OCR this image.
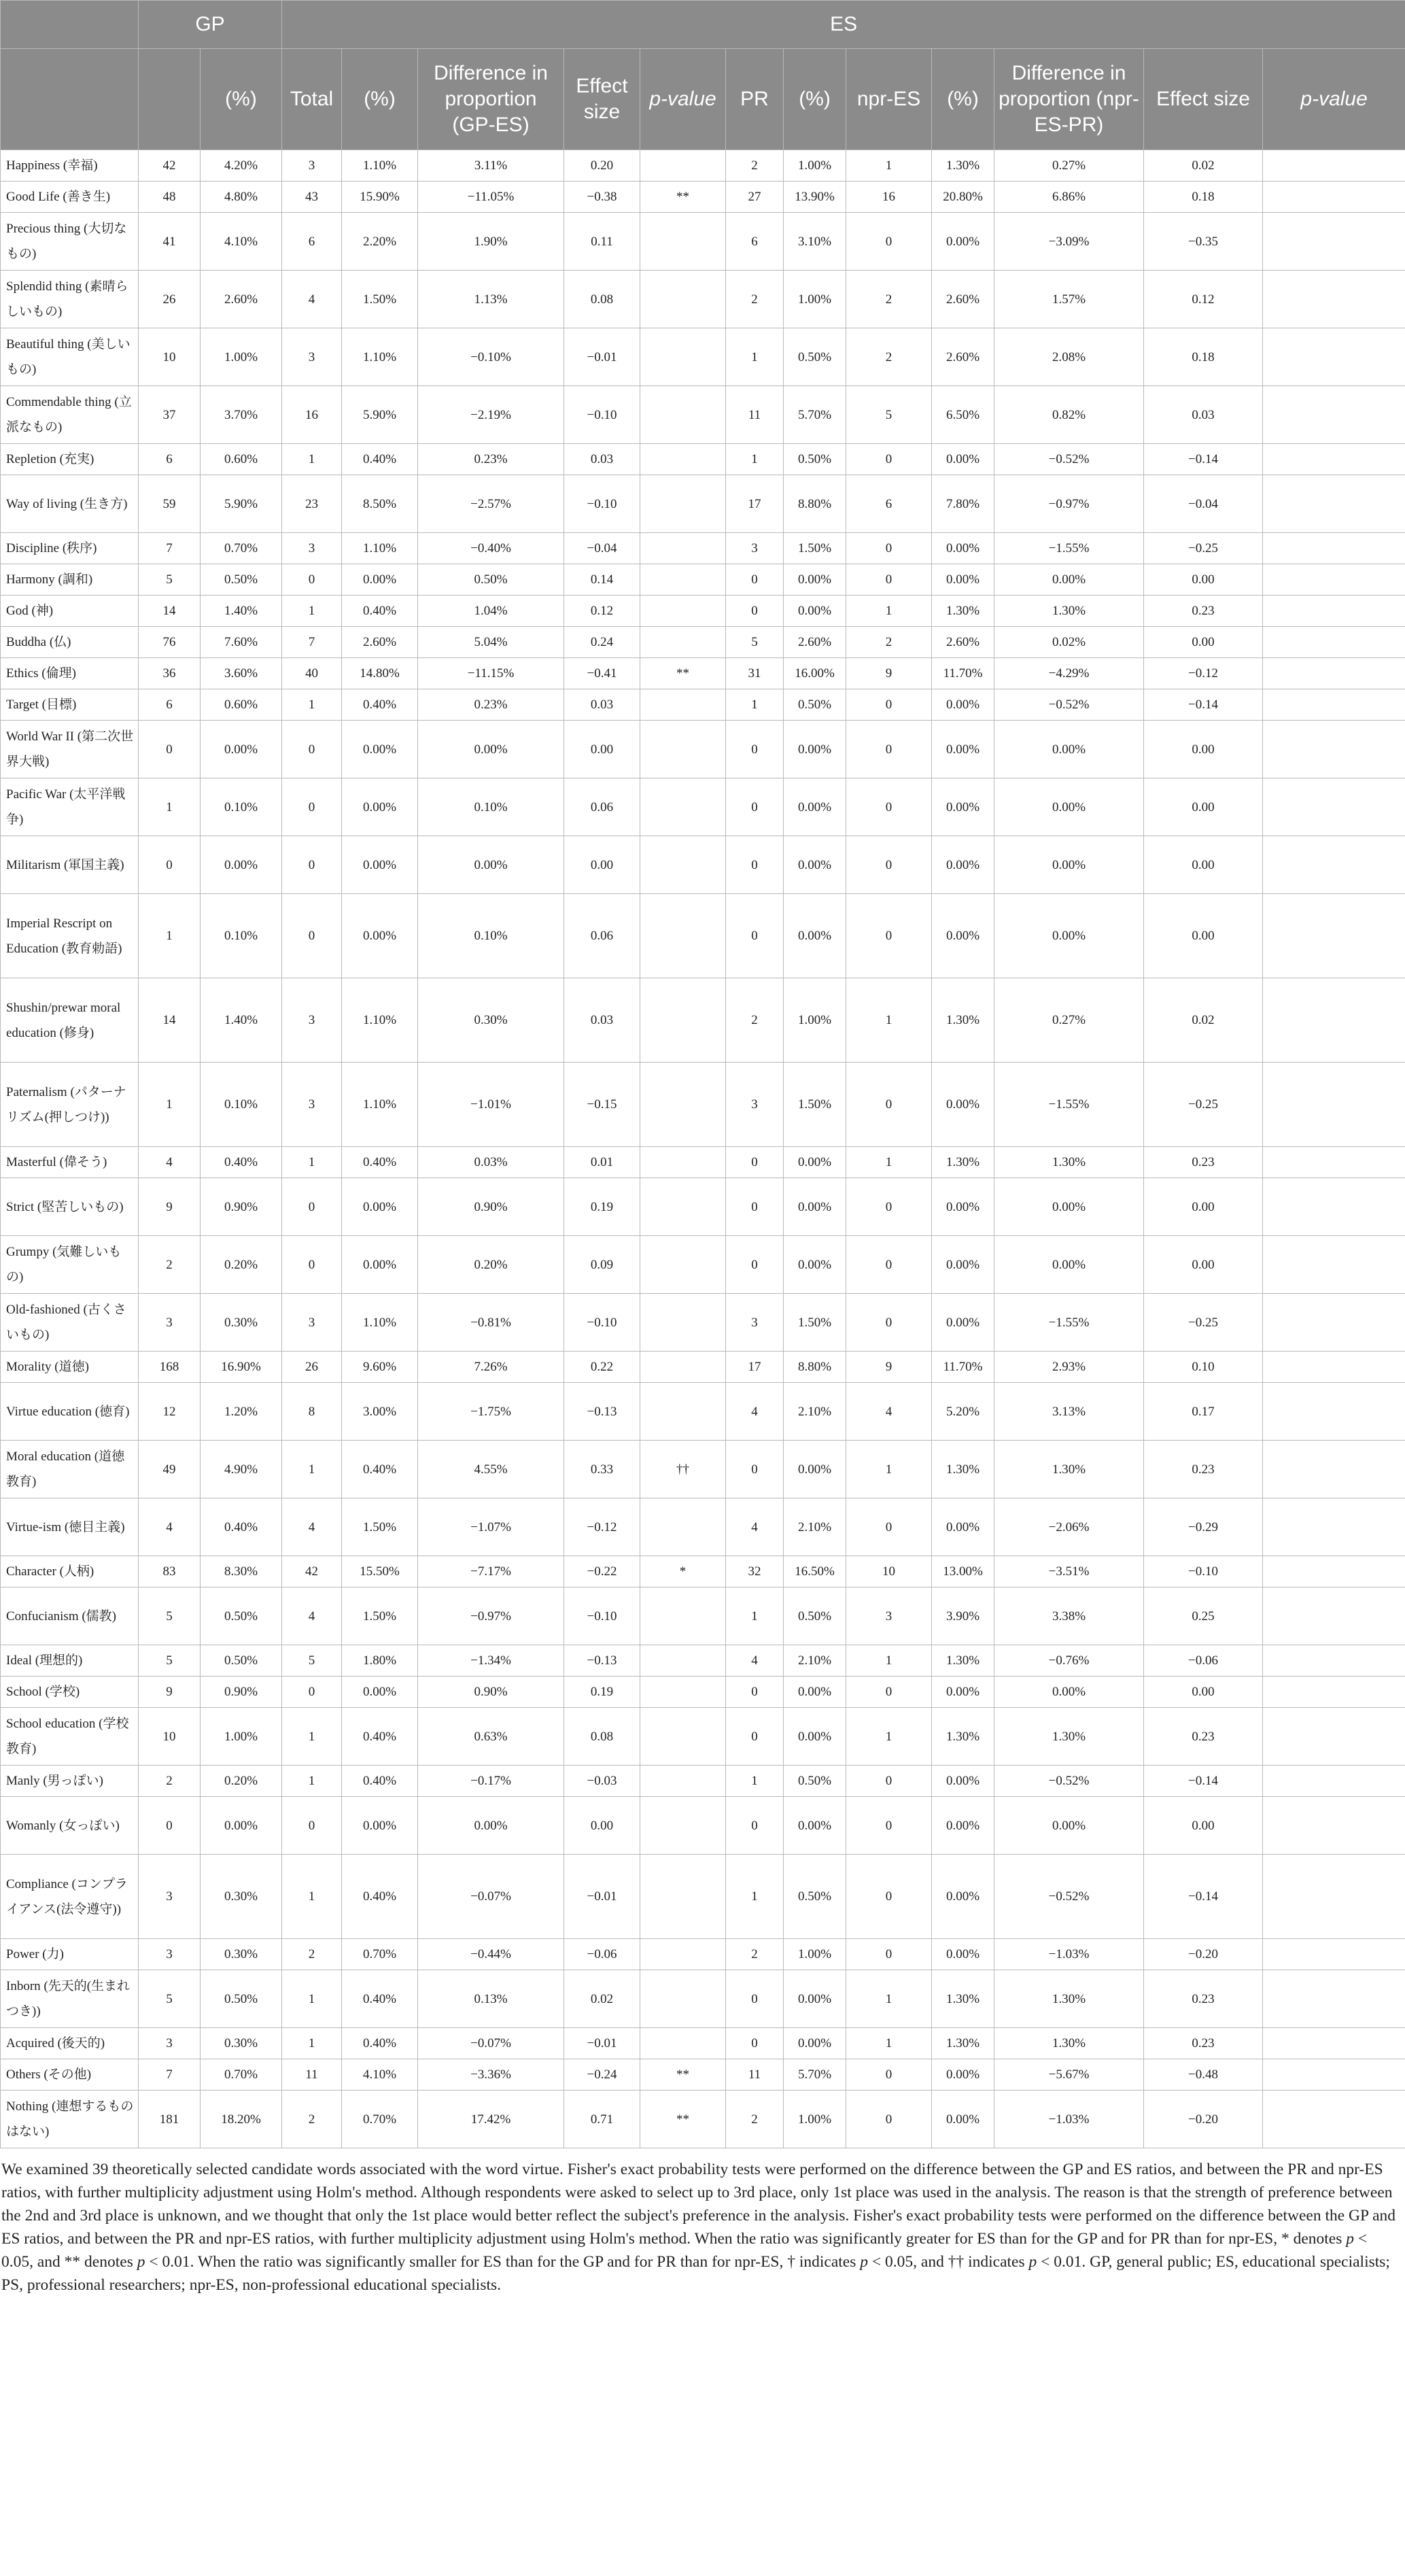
	GP		ES											
		(%)	Total	(%)	Difference in proportion (GP-ES)	Effect size	p-value	PR	(%)	npr-ES	(%)	Difference in proportion (npr-ES-PR)	Effect size	p-value
Happiness (幸福)	42	4.20%	3	1.10%	3.11%	0.20		2	1.00%	1	1.30%	0.27%	0.02	
Good Life (善き生)	48	4.80%	43	15.90%	−11.05%	−0.38	**	27	13.90%	16	20.80%	6.86%	0.18	
Precious thing (大切なもの)	41	4.10%	6	2.20%	1.90%	0.11		6	3.10%	0	0.00%	−3.09%	−0.35	
Splendid thing (素晴らしいもの)	26	2.60%	4	1.50%	1.13%	0.08		2	1.00%	2	2.60%	1.57%	0.12	
Beautiful thing (美しいもの)	10	1.00%	3	1.10%	−0.10%	−0.01		1	0.50%	2	2.60%	2.08%	0.18	
Commendable thing (立派なもの)	37	3.70%	16	5.90%	−2.19%	−0.10		11	5.70%	5	6.50%	0.82%	0.03	
Repletion (充実)	6	0.60%	1	0.40%	0.23%	0.03		1	0.50%	0	0.00%	−0.52%	−0.14	
Way of living (生き方)	59	5.90%	23	8.50%	−2.57%	−0.10		17	8.80%	6	7.80%	−0.97%	−0.04	
Discipline (秩序)	7	0.70%	3	1.10%	−0.40%	−0.04		3	1.50%	0	0.00%	−1.55%	−0.25	
Harmony (調和)	5	0.50%	0	0.00%	0.50%	0.14		0	0.00%	0	0.00%	0.00%	0.00	
God (神)	14	1.40%	1	0.40%	1.04%	0.12		0	0.00%	1	1.30%	1.30%	0.23	
Buddha (仏)	76	7.60%	7	2.60%	5.04%	0.24		5	2.60%	2	2.60%	0.02%	0.00	
Ethics (倫理)	36	3.60%	40	14.80%	−11.15%	−0.41	**	31	16.00%	9	11.70%	−4.29%	−0.12	
Target (目標)	6	0.60%	1	0.40%	0.23%	0.03		1	0.50%	0	0.00%	−0.52%	−0.14	
World War II (第二次世界大戦)	0	0.00%	0	0.00%	0.00%	0.00		0	0.00%	0	0.00%	0.00%	0.00	
Pacific War (太平洋戦争)	1	0.10%	0	0.00%	0.10%	0.06		0	0.00%	0	0.00%	0.00%	0.00	
Militarism (軍国主義)	0	0.00%	0	0.00%	0.00%	0.00		0	0.00%	0	0.00%	0.00%	0.00	
Imperial Rescript on Education (教育勅語)	1	0.10%	0	0.00%	0.10%	0.06		0	0.00%	0	0.00%	0.00%	0.00	
Shushin/prewar moral education (修身)	14	1.40%	3	1.10%	0.30%	0.03		2	1.00%	1	1.30%	0.27%	0.02	
Paternalism (パターナリズム(押しつけ))	1	0.10%	3	1.10%	−1.01%	−0.15		3	1.50%	0	0.00%	−1.55%	−0.25	
Masterful (偉そう)	4	0.40%	1	0.40%	0.03%	0.01		0	0.00%	1	1.30%	1.30%	0.23	
Strict (堅苦しいもの)	9	0.90%	0	0.00%	0.90%	0.19		0	0.00%	0	0.00%	0.00%	0.00	
Grumpy (気難しいもの)	2	0.20%	0	0.00%	0.20%	0.09		0	0.00%	0	0.00%	0.00%	0.00	
Old-fashioned (古くさいもの)	3	0.30%	3	1.10%	−0.81%	−0.10		3	1.50%	0	0.00%	−1.55%	−0.25	
Morality (道徳)	168	16.90%	26	9.60%	7.26%	0.22		17	8.80%	9	11.70%	2.93%	0.10	
Virtue education (徳育)	12	1.20%	8	3.00%	−1.75%	−0.13		4	2.10%	4	5.20%	3.13%	0.17	
Moral education (道徳教育)	49	4.90%	1	0.40%	4.55%	0.33	††	0	0.00%	1	1.30%	1.30%	0.23	
Virtue-ism (徳目主義)	4	0.40%	4	1.50%	−1.07%	−0.12		4	2.10%	0	0.00%	−2.06%	−0.29	
Character (人柄)	83	8.30%	42	15.50%	−7.17%	−0.22	*	32	16.50%	10	13.00%	−3.51%	−0.10	
Confucianism (儒教)	5	0.50%	4	1.50%	−0.97%	−0.10		1	0.50%	3	3.90%	3.38%	0.25	
Ideal (理想的)	5	0.50%	5	1.80%	−1.34%	−0.13		4	2.10%	1	1.30%	−0.76%	−0.06	
School (学校)	9	0.90%	0	0.00%	0.90%	0.19		0	0.00%	0	0.00%	0.00%	0.00	
School education (学校教育)	10	1.00%	1	0.40%	0.63%	0.08		0	0.00%	1	1.30%	1.30%	0.23	
Manly (男っぽい)	2	0.20%	1	0.40%	−0.17%	−0.03		1	0.50%	0	0.00%	−0.52%	−0.14	
Womanly (女っぽい)	0	0.00%	0	0.00%	0.00%	0.00		0	0.00%	0	0.00%	0.00%	0.00	
Compliance (コンプライアンス(法令遵守))	3	0.30%	1	0.40%	−0.07%	−0.01		1	0.50%	0	0.00%	−0.52%	−0.14	
Power (力)	3	0.30%	2	0.70%	−0.44%	−0.06		2	1.00%	0	0.00%	−1.03%	−0.20	
Inborn (先天的(生まれつき))	5	0.50%	1	0.40%	0.13%	0.02		0	0.00%	1	1.30%	1.30%	0.23	
Acquired (後天的)	3	0.30%	1	0.40%	−0.07%	−0.01		0	0.00%	1	1.30%	1.30%	0.23	
Others (その他)	7	0.70%	11	4.10%	−3.36%	−0.24	**	11	5.70%	0	0.00%	−5.67%	−0.48	
Nothing (連想するものはない)	181	18.20%	2	0.70%	17.42%	0.71	**	2	1.00%	0	0.00%	−1.03%	−0.20	
We examined 39 theoretically selected candidate words associated with the word virtue. Fisher's exact probability tests were performed on the difference between the GP and ES ratios, and between the PR and npr-ES ratios, with further multiplicity adjustment using Holm's method. Although respondents were asked to select up to 3rd place, only 1st place was used in the analysis. The reason is that the strength of preference between the 2nd and 3rd place is unknown, and we thought that only the 1st place would better reflect the subject's preference in the analysis. Fisher's exact probability tests were performed on the difference between the GP and ES ratios, and between the PR and npr-ES ratios, with further multiplicity adjustment using Holm's method. When the ratio was significantly greater for ES than for the GP and for PR than for npr-ES, * denotes p < 0.05, and ** denotes p < 0.01. When the ratio was significantly smaller for ES than for the GP and for PR than for npr-ES, † indicates p < 0.05, and †† indicates p < 0.01. GP, general public; ES, educational specialists; PS, professional researchers; npr-ES, non-professional educational specialists.
